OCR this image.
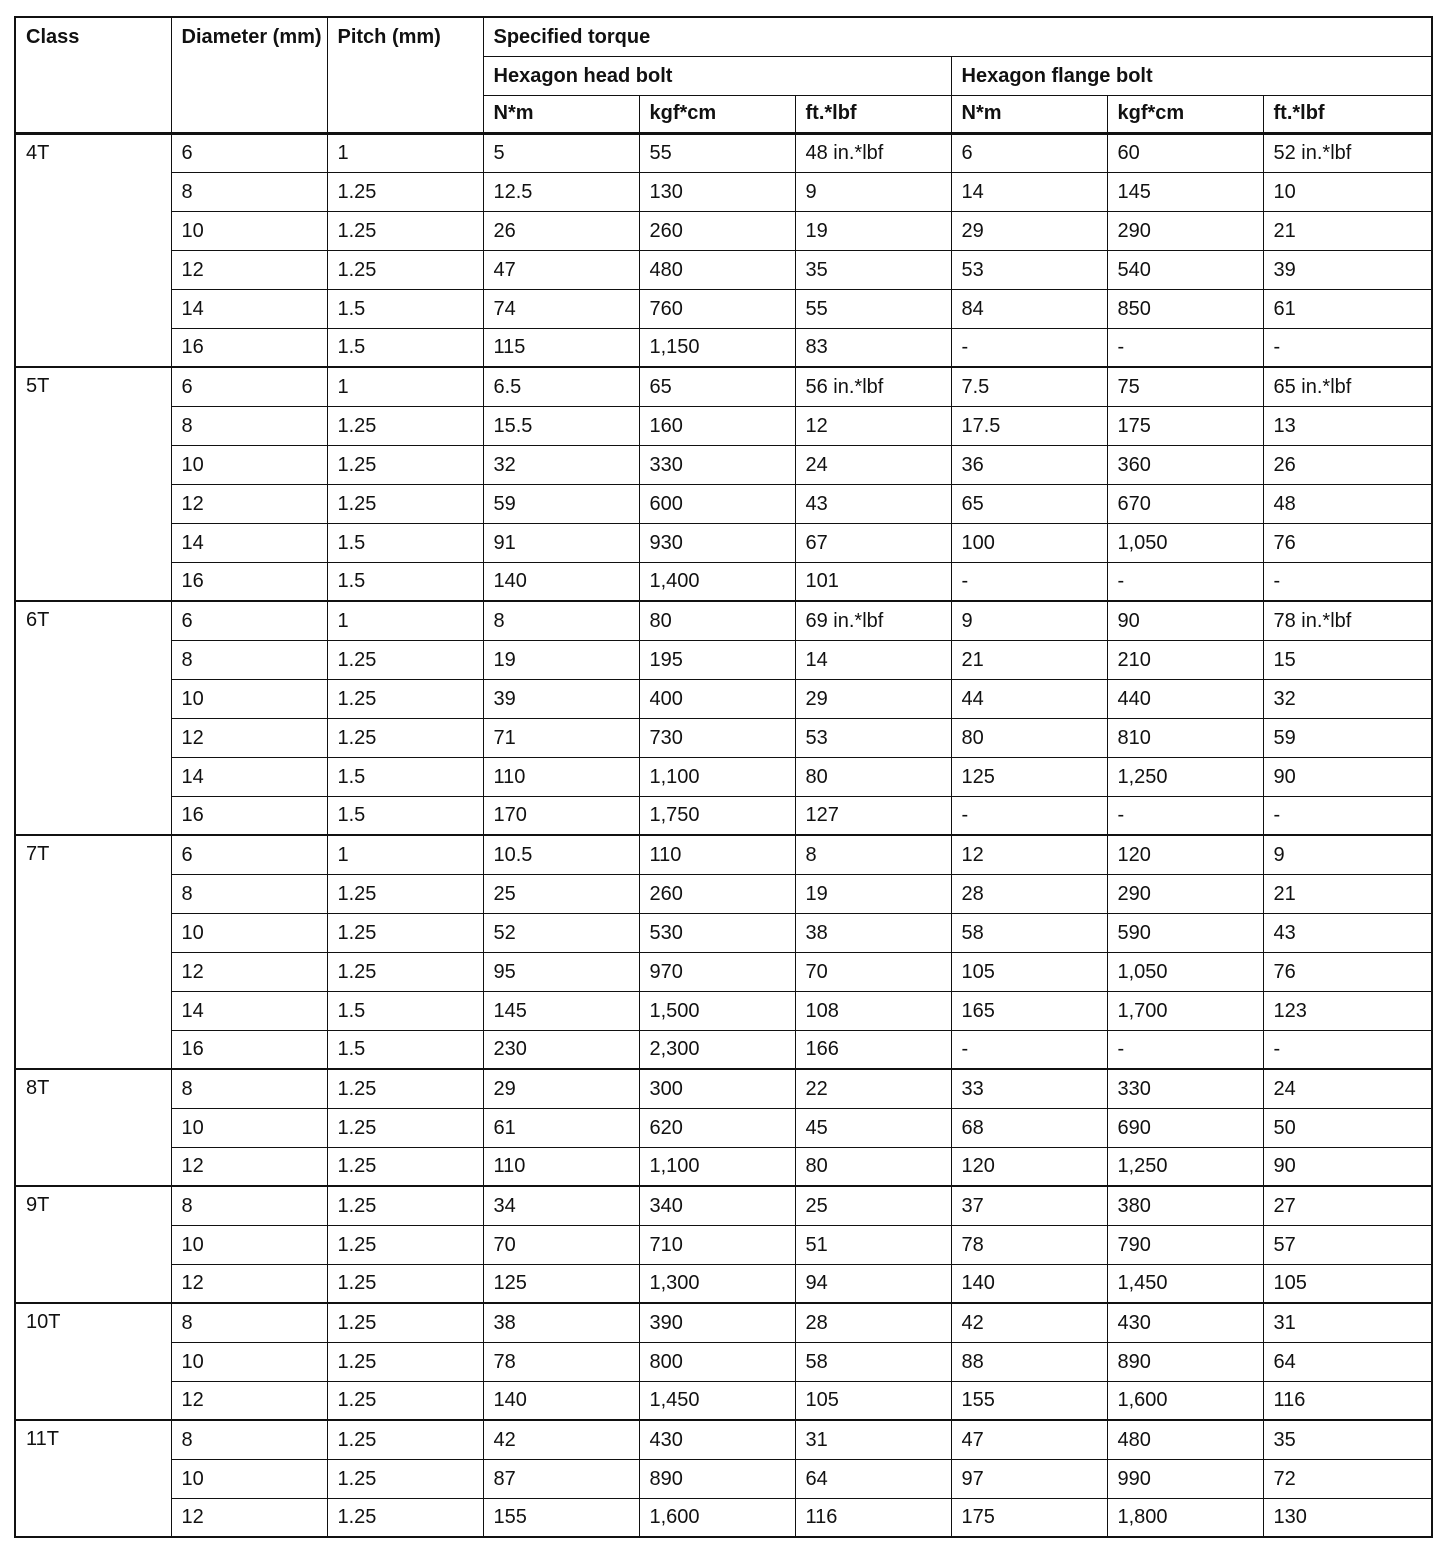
Class	Diameter (mm)	Pitch (mm)	Specified torque					
			Hexagon head bolt			Hexagon flange bolt		
			N*m	kgf*cm	ft.*lbf	N*m	kgf*cm	ft.*lbf
4T	6	1	5	55	48 in.*lbf	6	60	52 in.*lbf
	8	1.25	12.5	130	9	14	145	10
	10	1.25	26	260	19	29	290	21
	12	1.25	47	480	35	53	540	39
	14	1.5	74	760	55	84	850	61
	16	1.5	115	1,150	83	-	-	-
5T	6	1	6.5	65	56 in.*lbf	7.5	75	65 in.*lbf
	8	1.25	15.5	160	12	17.5	175	13
	10	1.25	32	330	24	36	360	26
	12	1.25	59	600	43	65	670	48
	14	1.5	91	930	67	100	1,050	76
	16	1.5	140	1,400	101	-	-	-
6T	6	1	8	80	69 in.*lbf	9	90	78 in.*lbf
	8	1.25	19	195	14	21	210	15
	10	1.25	39	400	29	44	440	32
	12	1.25	71	730	53	80	810	59
	14	1.5	110	1,100	80	125	1,250	90
	16	1.5	170	1,750	127	-	-	-
7T	6	1	10.5	110	8	12	120	9
	8	1.25	25	260	19	28	290	21
	10	1.25	52	530	38	58	590	43
	12	1.25	95	970	70	105	1,050	76
	14	1.5	145	1,500	108	165	1,700	123
	16	1.5	230	2,300	166	-	-	-
8T	8	1.25	29	300	22	33	330	24
	10	1.25	61	620	45	68	690	50
	12	1.25	110	1,100	80	120	1,250	90
9T	8	1.25	34	340	25	37	380	27
	10	1.25	70	710	51	78	790	57
	12	1.25	125	1,300	94	140	1,450	105
10T	8	1.25	38	390	28	42	430	31
	10	1.25	78	800	58	88	890	64
	12	1.25	140	1,450	105	155	1,600	116
11T	8	1.25	42	430	31	47	480	35
	10	1.25	87	890	64	97	990	72
	12	1.25	155	1,600	116	175	1,800	130
